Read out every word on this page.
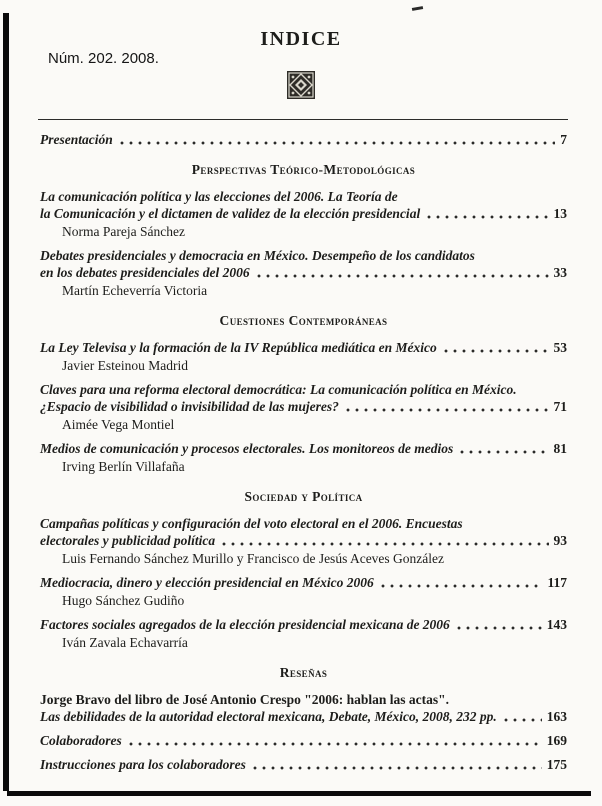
INDICE
Núm. 202. 2008.
Presentación	7
Perspectivas Teórico-Metodológicas
La comunicación política y las elecciones del 2006. La Teoría de
la Comunicación y el dictamen de validez de la elección presidencial	13
Norma Pareja Sánchez
Debates presidenciales y democracia en México. Desempeño de los candidatos
en los debates presidenciales del 2006	33
Martín Echeverría Victoria
Cuestiones Contemporáneas
La Ley Televisa y la formación de la IV República mediática en México	53
Javier Esteinou Madrid
Claves para una reforma electoral democrática: La comunicación política en México.
¿Espacio de visibilidad o invisibilidad de las mujeres?	71
Aimée Vega Montiel
Medios de comunicación y procesos electorales. Los monitoreos de medios	81
Irving Berlín Villafaña
Sociedad y Política
Campañas políticas y configuración del voto electoral en el 2006. Encuestas
electorales y publicidad política	93
Luis Fernando Sánchez Murillo y Francisco de Jesús Aceves González
Mediocracia, dinero y elección presidencial en México 2006	117
Hugo Sánchez Gudiño
Factores sociales agregados de la elección presidencial mexicana de 2006	143
Iván Zavala Echavarría
Reseñas
Jorge Bravo del libro de José Antonio Crespo "2006: hablan las actas".
Las debilidades de la autoridad electoral mexicana, Debate, México, 2008, 232 pp.	163
Colaboradores	169
Instrucciones para los colaboradores	175
